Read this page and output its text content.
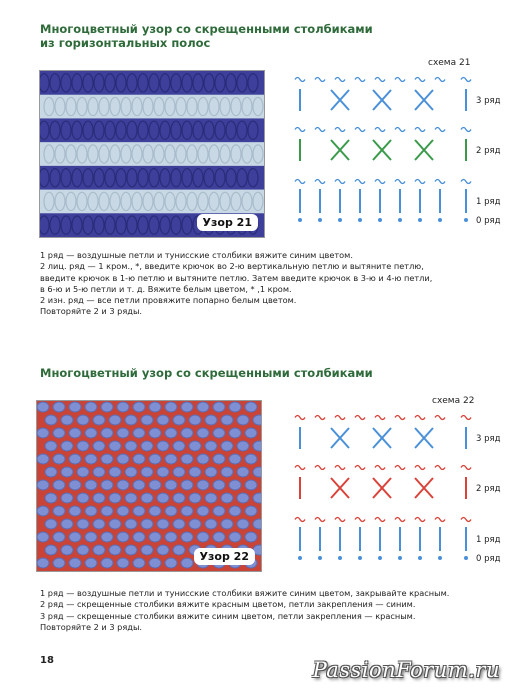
Многоцветный узор со скрещенными столбиками
из горизонтальных полос
Узор 21
схема 21
3 ряд
2 ряд
1 ряд
0 ряд

1 ряд — воздушные петли и тунисские столбики вяжите синим цветом.

2 лиц. ряд — 1 кром., *, введите крючок во 2-ю вертикальную петлю и вытяните петлю,

введите крючок в 1-ю петлю и вытяните петлю. Затем введите крючок в 3-ю и 4-ю петли,

в 6-ю и 5-ю петли и т. д. Вяжите белым цветом, * ,1 кром.

2 изн. ряд — все петли провяжите попарно белым цветом.

Повторяйте 2 и 3 ряды.

Многоцветный узор со скрещенными столбиками
Узор 22
схема 22
3 ряд
2 ряд
1 ряд
0 ряд

1 ряд — воздушные петли и тунисские столбики вяжите синим цветом, закрывайте красным.

2 ряд — скрещенные столбики вяжите красным цветом, петли закрепления — синим.

3 ряд — скрещенные столбики вяжите синим цветом, петли закрепления — красным.

Повторяйте 2 и 3 ряды.

18	PassionForum.ru
